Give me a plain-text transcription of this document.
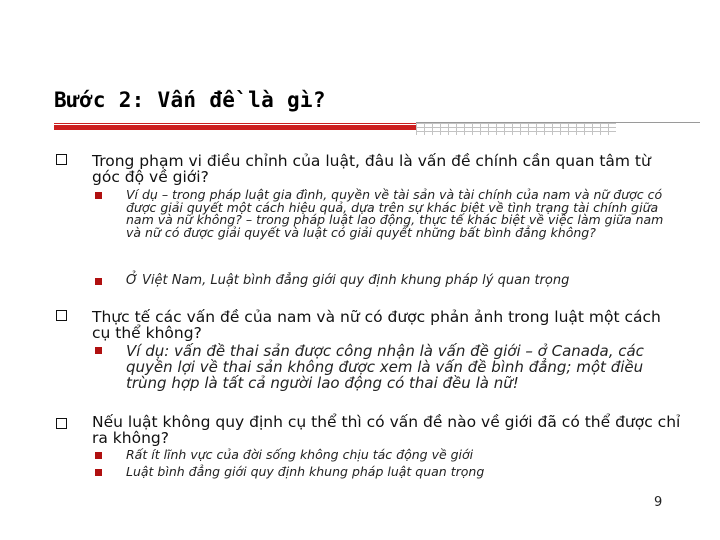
Bước 2: Vấn đề là gì?
Trong phạm vi điều chỉnh của luật, đâu là vấn đề chính cần quan tâm từ góc độ về giới?
Ví dụ – trong pháp luật gia đình, quyền về tài sản và tài chính của nam và nữ được có được giải quyết một cách hiệu quả, dựa trên sự khác biệt về tình trạng tài chính giữa nam và nữ không? – trong pháp luật lao động, thực tế khác biệt về việc làm giữa nam và nữ có được giải quyết và luật có giải quyết những bất bình đẳng không?
Ở Việt Nam, Luật bình đẳng giới quy định khung pháp lý quan trọng
Thực tế các vấn đề của nam và nữ có được phản ảnh trong luật một cách cụ thể không?
Ví dụ: vấn đề thai sản được công nhận là vấn đề giới – ở Canada, các quyền lợi về thai sản không được xem là vấn đề bình đẳng; một điều trùng hợp là tất cả người lao động có thai đều là nữ!
Nếu luật không quy định cụ thể thì có vấn đề nào về giới đã có thể được chỉ ra không?
Rất ít lĩnh vực của đời sống không chịu tác động về giới
Luật bình đẳng giới quy định khung pháp luật quan trọng
9
